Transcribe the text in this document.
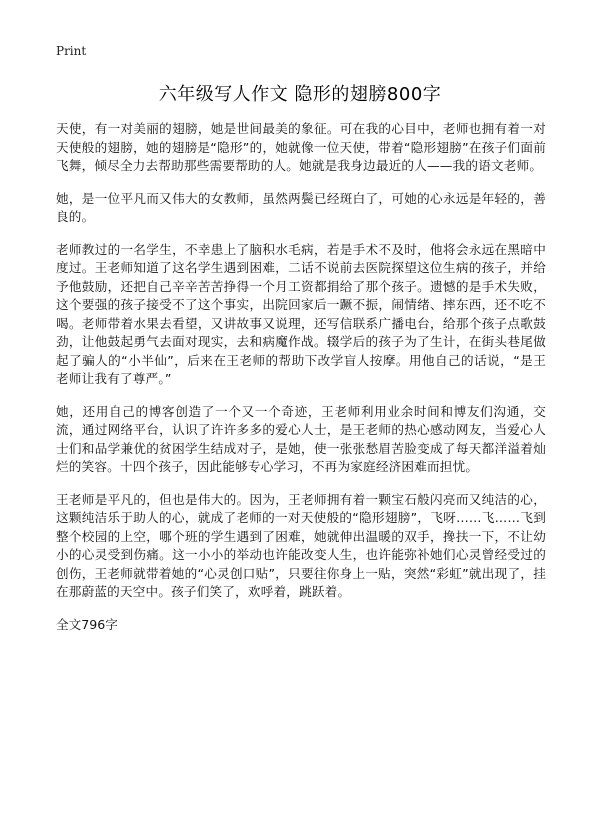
Print
六年级写人作文 隐形的翅膀800字

天使，有一对美丽的翅膀，她是世间最美的象征。可在我的心目中，老师也拥有着一对天使般的翅膀，她的翅膀是“隐形”的，她就像一位天使，带着“隐形翅膀”在孩子们面前飞舞，倾尽全力去帮助那些需要帮助的人。她就是我身边最近的人——我的语文老师。

她，是一位平凡而又伟大的女教师，虽然两鬓已经斑白了，可她的心永远是年轻的，善良的。

老师教过的一名学生，不幸患上了脑积水毛病，若是手术不及时，他将会永远在黑暗中度过。王老师知道了这名学生遇到困难，二话不说前去医院探望这位生病的孩子，并给予他鼓励，还把自己辛辛苦苦挣得一个月工资都捐给了那个孩子。遗憾的是手术失败，这个要强的孩子接受不了这个事实，出院回家后一蹶不振，闹情绪、摔东西，还不吃不喝。老师带着水果去看望，又讲故事又说理，还写信联系广播电台，给那个孩子点歌鼓劲，让他鼓起勇气去面对现实，去和病魔作战。辍学后的孩子为了生计，在街头巷尾做起了骗人的“小半仙”，后来在王老师的帮助下改学盲人按摩。用他自己的话说，“是王老师让我有了尊严。”

她，还用自己的博客创造了一个又一个奇迹，王老师利用业余时间和博友们沟通，交流，通过网络平台，认识了许许多多的爱心人士，是王老师的热心感动网友，当爱心人士们和品学兼优的贫困学生结成对子，是她，使一张张愁眉苦脸变成了每天都洋溢着灿烂的笑容。十四个孩子，因此能够专心学习，不再为家庭经济困难而担忧。

王老师是平凡的，但也是伟大的。因为，王老师拥有着一颗宝石般闪亮而又纯洁的心，这颗纯洁乐于助人的心，就成了老师的一对天使般的“隐形翅膀”，飞呀……飞……飞到整个校园的上空，哪个班的学生遇到了困难，她就伸出温暖的双手，搀扶一下，不让幼小的心灵受到伤痛。这一小小的举动也许能改变人生，也许能弥补她们心灵曾经受过的创伤，王老师就带着她的“心灵创口贴”，只要往你身上一贴，突然“彩虹”就出现了，挂在那蔚蓝的天空中。孩子们笑了，欢呼着，跳跃着。

全文796字
